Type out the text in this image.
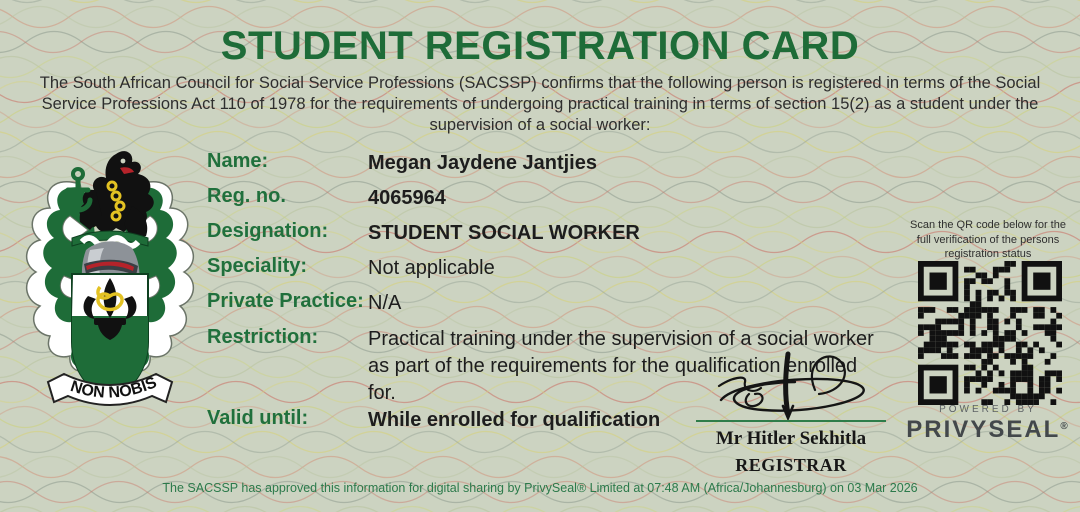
STUDENT REGISTRATION CARD
The South African Council for Social Service Professions (SACSSP) confirms that the following person is registered in terms of the Social Service Professions Act 110 of 1978 for the requirements of undergoing practical training in terms of section 15(2) as a student under the supervision of a social worker:
NON NOBIS
Name:	Megan Jaydene Jantjies
Reg. no.	4065964
Designation:	STUDENT SOCIAL WORKER
Speciality:	Not applicable
Private Practice: N/A
Restriction:	Practical training under the supervision of a social worker as part of the requirements for the qualification enrolled for.
Valid until:	While enrolled for qualification
Scan the QR code below for the full verification of the persons registration status
POWERED BY
PRIVYSEAL®
Mr Hitler Sekhitla
REGISTRAR
The SACSSP has approved this information for digital sharing by PrivySeal® Limited at 07:48 AM (Africa/Johannesburg) on 03 Mar 2026
